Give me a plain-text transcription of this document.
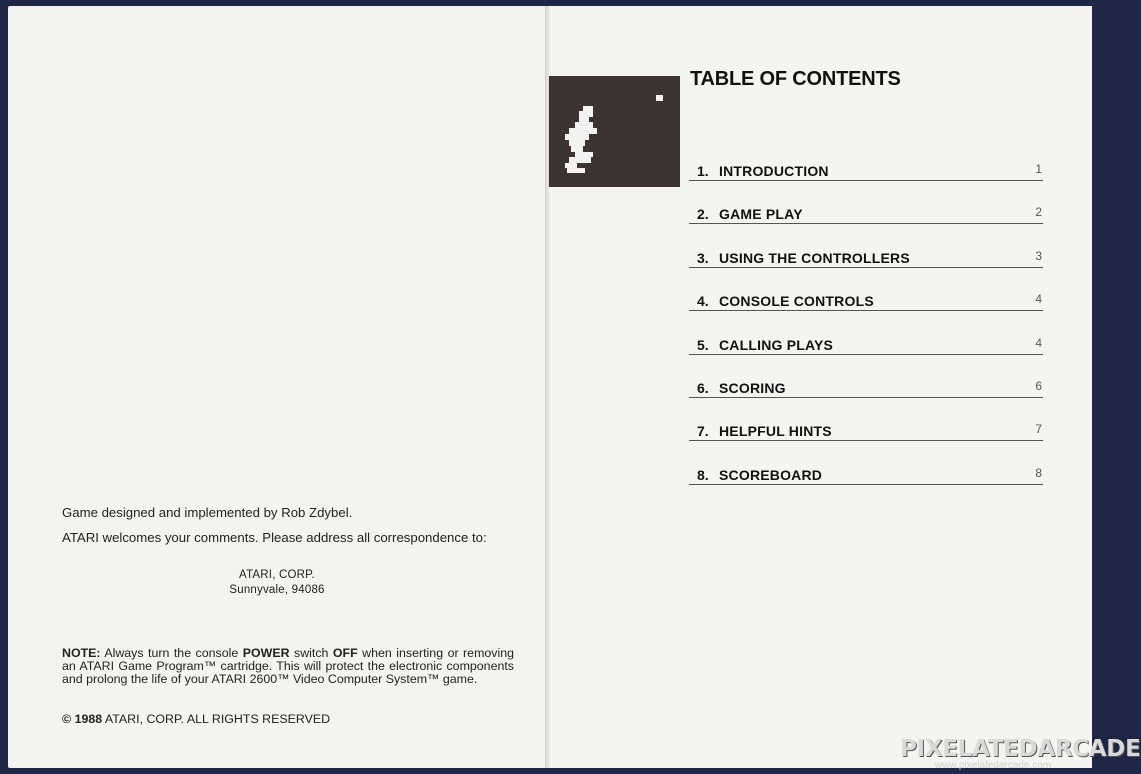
Game designed and implemented by Rob Zdybel.
ATARI welcomes your comments. Please address all correspondence to:
ATARI, CORP.
Sunnyvale, 94086
NOTE: Always turn the console POWER switch OFF when inserting or removing an ATARI Game Program™ cartridge. This will protect the electronic components and prolong the life of your ATARI 2600™ Video Computer System™ game.
© 1988 ATARI, CORP. ALL RIGHTS RESERVED
TABLE OF CONTENTS
1. INTRODUCTION	1
2. GAME PLAY	2
3. USING THE CONTROLLERS	3
4. CONSOLE CONTROLS	4
5. CALLING PLAYS	4
6. SCORING	6
7. HELPFUL HINTS	7
8. SCOREBOARD	8
PIXELATEDARCADE
www.pixelatedarcade.com
